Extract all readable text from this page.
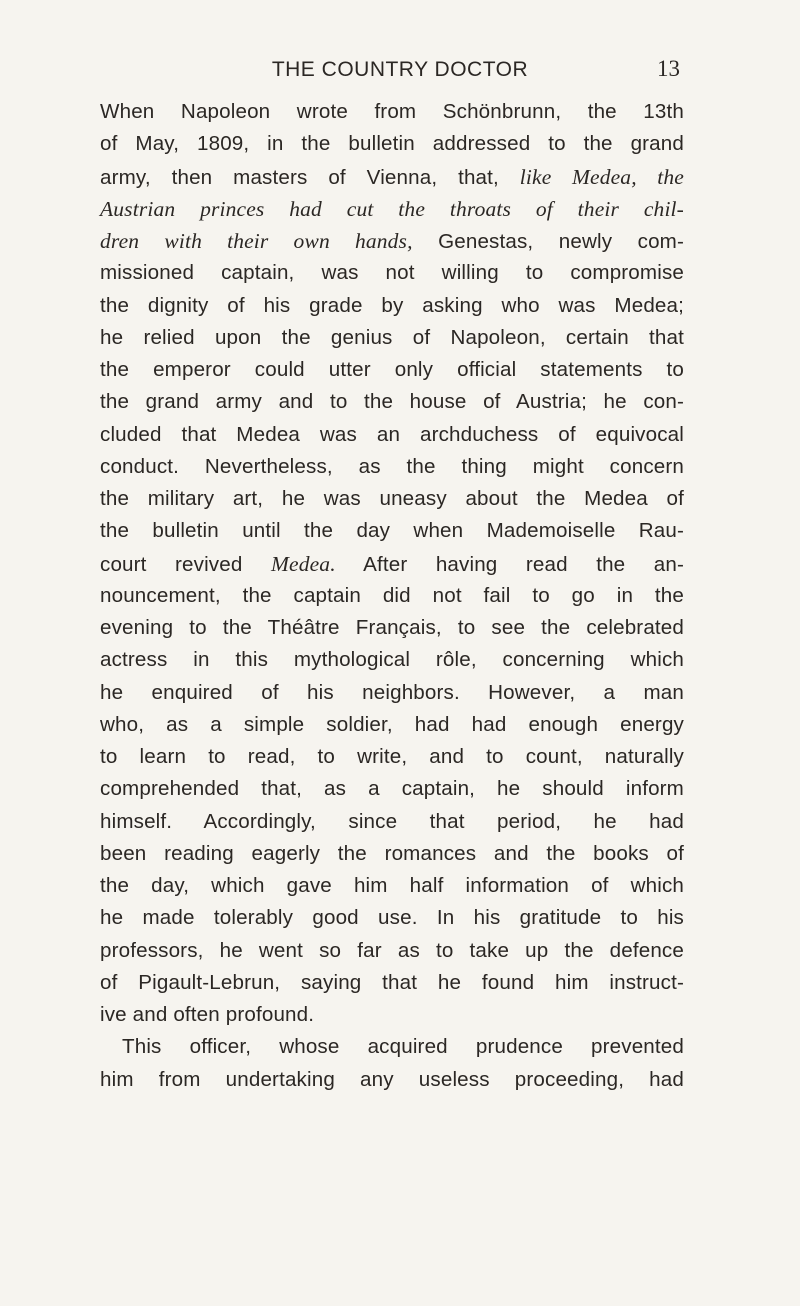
THE COUNTRY DOCTOR	13
When Napoleon wrote from Schönbrunn, the 13th
of May, 1809, in the bulletin addressed to the grand
army, then masters of Vienna, that, like Medea, the
Austrian princes had cut the throats of their chil-
dren with their own hands, Genestas, newly com-
missioned captain, was not willing to compromise
the dignity of his grade by asking who was Medea;
he relied upon the genius of Napoleon, certain that
the emperor could utter only official statements to
the grand army and to the house of Austria; he con-
cluded that Medea was an archduchess of equivocal
conduct. Nevertheless, as the thing might concern
the military art, he was uneasy about the Medea of
the bulletin until the day when Mademoiselle Rau-
court revived Medea. After having read the an-
nouncement, the captain did not fail to go in the
evening to the Théâtre Français, to see the celebrated
actress in this mythological rôle, concerning which
he enquired of his neighbors. However, a man
who, as a simple soldier, had had enough energy
to learn to read, to write, and to count, naturally
comprehended that, as a captain, he should inform
himself. Accordingly, since that period, he had
been reading eagerly the romances and the books of
the day, which gave him half information of which
he made tolerably good use. In his gratitude to his
professors, he went so far as to take up the defence
of Pigault-Lebrun, saying that he found him instruct-
ive and often profound.
This officer, whose acquired prudence prevented
him from undertaking any useless proceeding, had
